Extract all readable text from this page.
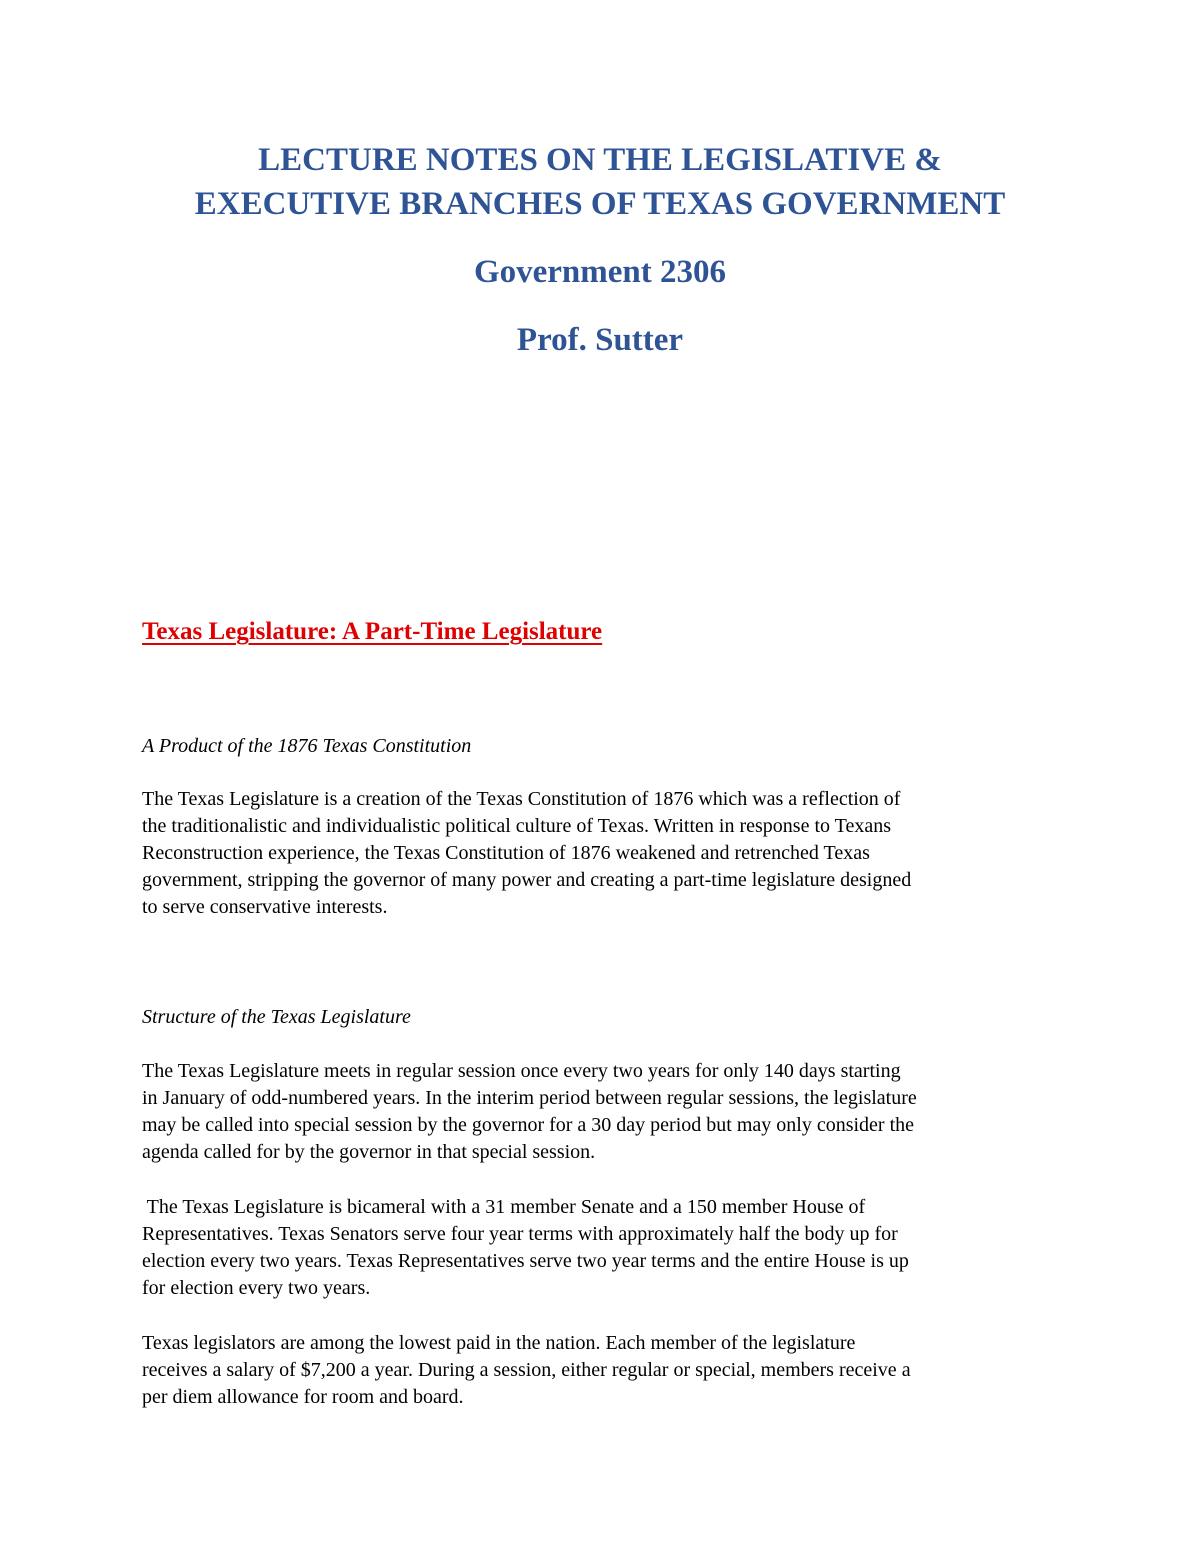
LECTURE NOTES ON THE LEGISLATIVE &
EXECUTIVE BRANCHES OF TEXAS GOVERNMENT
Government 2306
Prof. Sutter
Texas Legislature: A Part-Time Legislature
A Product of the 1876 Texas Constitution
The Texas Legislature is a creation of the Texas Constitution of 1876 which was a reflection of
the traditionalistic and individualistic political culture of Texas. Written in response to Texans
Reconstruction experience, the Texas Constitution of 1876 weakened and retrenched Texas
government, stripping the governor of many power and creating a part-time legislature designed
to serve conservative interests.
Structure of the Texas Legislature
The Texas Legislature meets in regular session once every two years for only 140 days starting
in January of odd-numbered years. In the interim period between regular sessions, the legislature
may be called into special session by the governor for a 30 day period but may only consider the
agenda called for by the governor in that special session.
The Texas Legislature is bicameral with a 31 member Senate and a 150 member House of
Representatives. Texas Senators serve four year terms with approximately half the body up for
election every two years. Texas Representatives serve two year terms and the entire House is up
for election every two years.
Texas legislators are among the lowest paid in the nation. Each member of the legislature
receives a salary of $7,200 a year. During a session, either regular or special, members receive a
per diem allowance for room and board.
